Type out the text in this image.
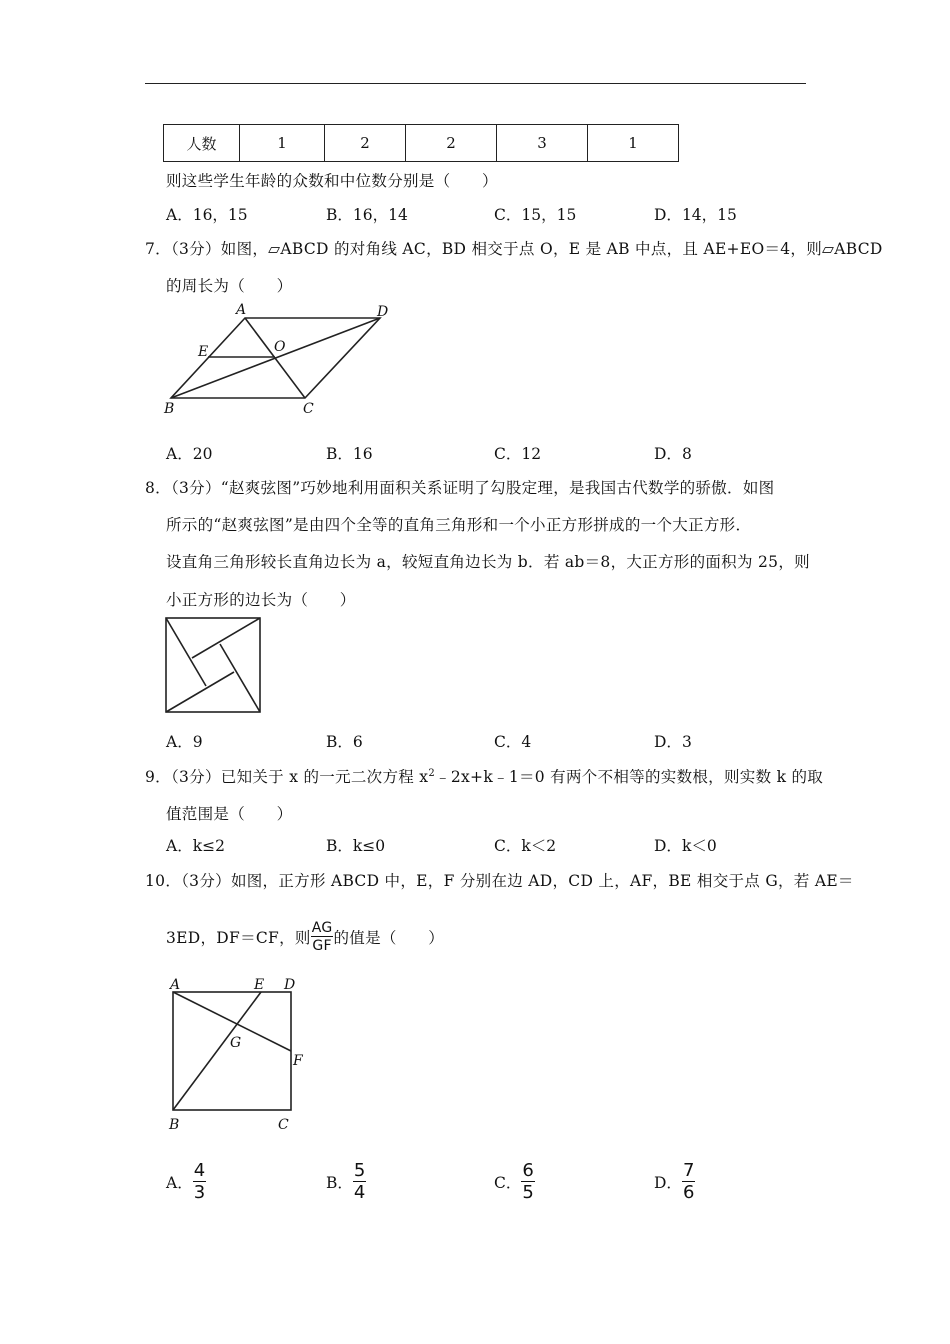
人数	1	2	2	3	1
则这些学生年龄的众数和中位数分别是（　　）
A．16，15	B．16，14	C．15，15	D．14，15
7．（3分）如图，▱ABCD 的对角线 AC，BD 相交于点 O，E 是 AB 中点，且 AE+EO＝4，则▱ABCD
的周长为（　　）
A	D
E	O
B	C
A．20	B．16	C．12	D．8
8．（3分）“赵爽弦图”巧妙地利用面积关系证明了勾股定理，是我国古代数学的骄傲．如图
所示的“赵爽弦图”是由四个全等的直角三角形和一个小正方形拼成的一个大正方形．
设直角三角形较长直角边长为 a，较短直角边长为 b．若 ab＝8，大正方形的面积为 25，则
小正方形的边长为（　　）
A．9	B．6	C．4	D．3
9．（3分）已知关于 x 的一元二次方程 $x^2﹣2x+k﹣1=0$ 有两个不相等的实数根，则实数 k 的取
值范围是（　　）
A．k≤2	B．k≤0	C．k＜2	D．k＜0
10．（3分）如图，正方形 ABCD 中，E，F 分别在边 AD，CD 上，AF，BE 相交于点 G，若 AE＝
3ED，DF＝CF，则 $\frac{AG}{GF}$ 的值是（　　）
A	E D
G
F
B	C
A． $\frac{4}{3}$	B． $\frac{5}{4}$	C． $\frac{6}{5}$	D． $\frac{7}{6}$
